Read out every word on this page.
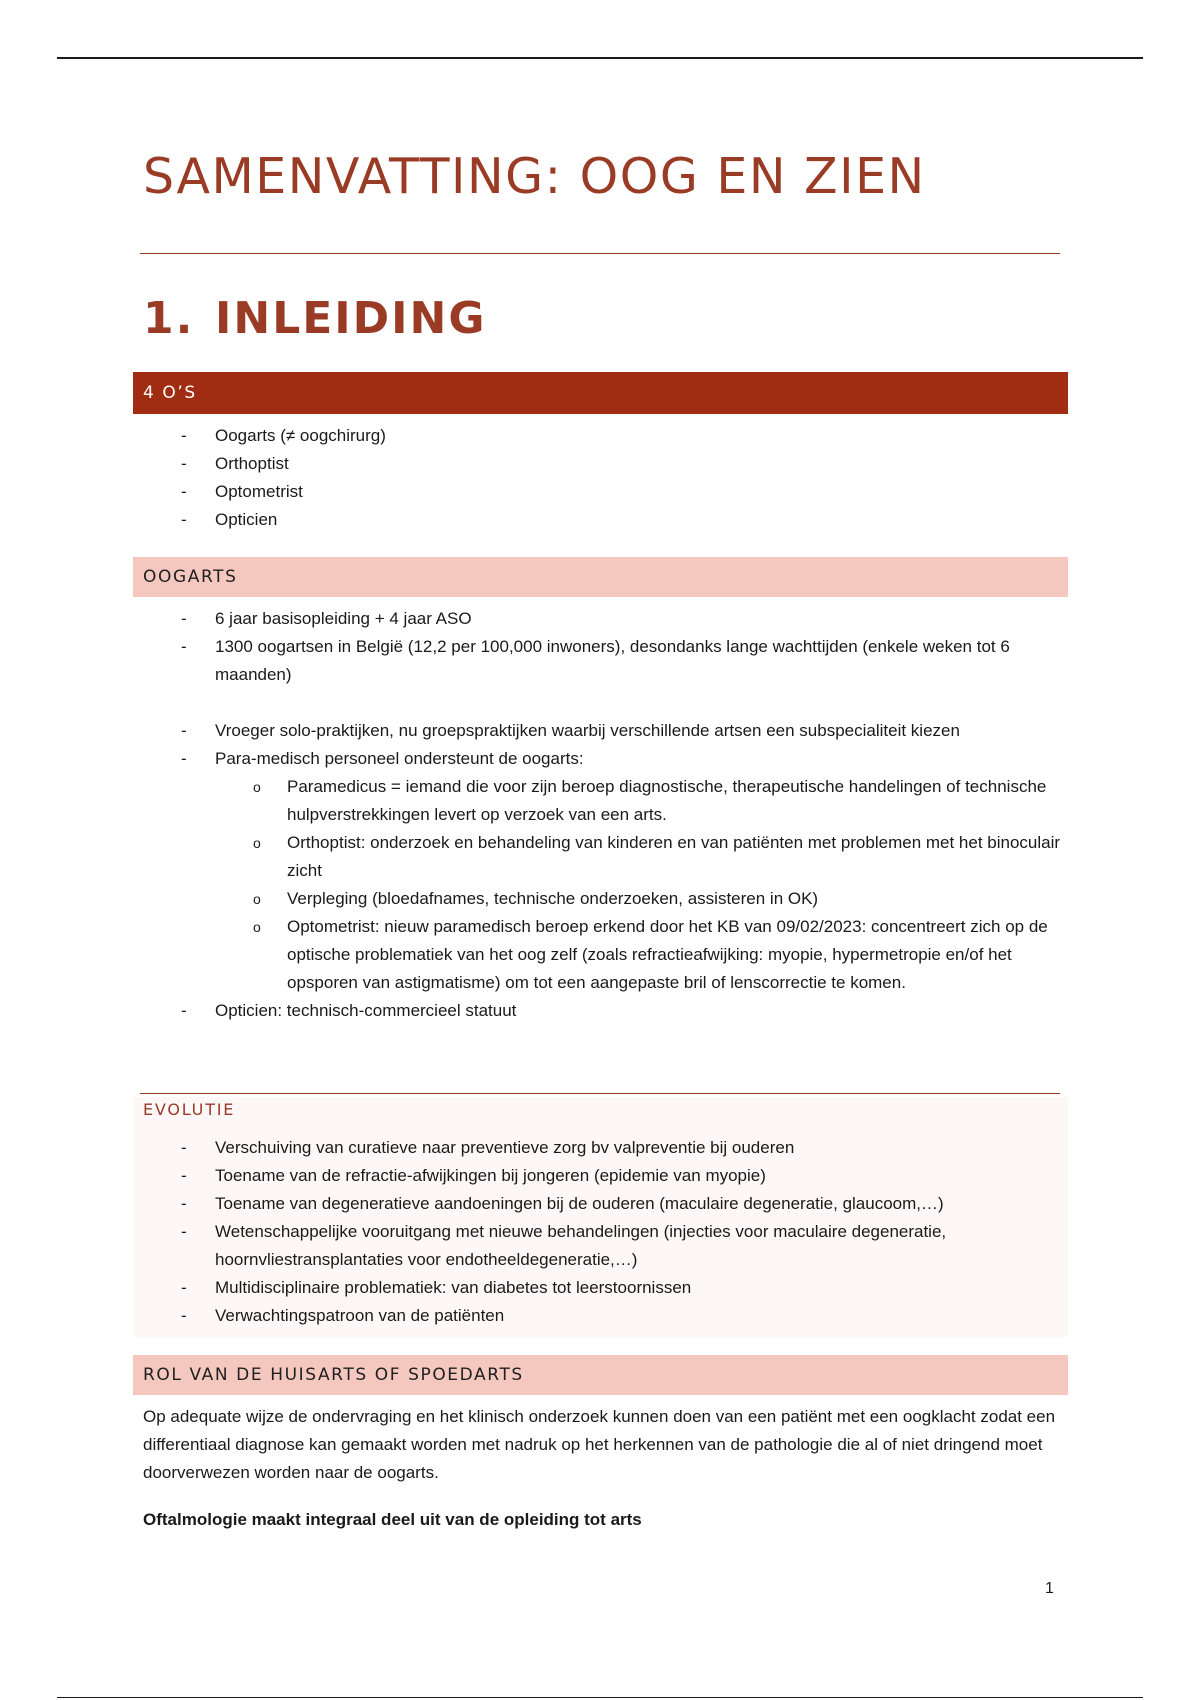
SAMENVATTING: OOG EN ZIEN
1. INLEIDING
4 O’S
- Oogarts (≠ oogchirurg)
- Orthoptist
- Optometrist
- Opticien
OOGARTS
- 6 jaar basisopleiding + 4 jaar ASO
- 1300 oogartsen in België (12,2 per 100,000 inwoners), desondanks lange wachttijden (enkele weken tot 6 maanden)
- Vroeger solo-praktijken, nu groepspraktijken waarbij verschillende artsen een subspecialiteit kiezen
- Para-medisch personeel ondersteunt de oogarts:
o Paramedicus = iemand die voor zijn beroep diagnostische, therapeutische handelingen of technische hulpverstrekkingen levert op verzoek van een arts.
o Orthoptist: onderzoek en behandeling van kinderen en van patiënten met problemen met het binoculair zicht
o Verpleging (bloedafnames, technische onderzoeken, assisteren in OK)
o Optometrist: nieuw paramedisch beroep erkend door het KB van 09/02/2023: concentreert zich op de optische problematiek van het oog zelf (zoals refractieafwijking: myopie, hypermetropie en/of het opsporen van astigmatisme) om tot een aangepaste bril of lenscorrectie te komen.
- Opticien: technisch-commercieel statuut
EVOLUTIE
- Verschuiving van curatieve naar preventieve zorg bv valpreventie bij ouderen
- Toename van de refractie-afwijkingen bij jongeren (epidemie van myopie)
- Toename van degeneratieve aandoeningen bij de ouderen (maculaire degeneratie, glaucoom,…)
- Wetenschappelijke vooruitgang met nieuwe behandelingen (injecties voor maculaire degeneratie, hoornvliestransplantaties voor endotheeldegeneratie,…)
- Multidisciplinaire problematiek: van diabetes tot leerstoornissen
- Verwachtingspatroon van de patiënten
ROL VAN DE HUISARTS OF SPOEDARTS

Op adequate wijze de ondervraging en het klinisch onderzoek kunnen doen van een patiënt met een oogklacht zodat een differentiaal diagnose kan gemaakt worden met nadruk op het herkennen van de pathologie die al of niet dringend moet doorverwezen worden naar de oogarts.

Oftalmologie maakt integraal deel uit van de opleiding tot arts

1
